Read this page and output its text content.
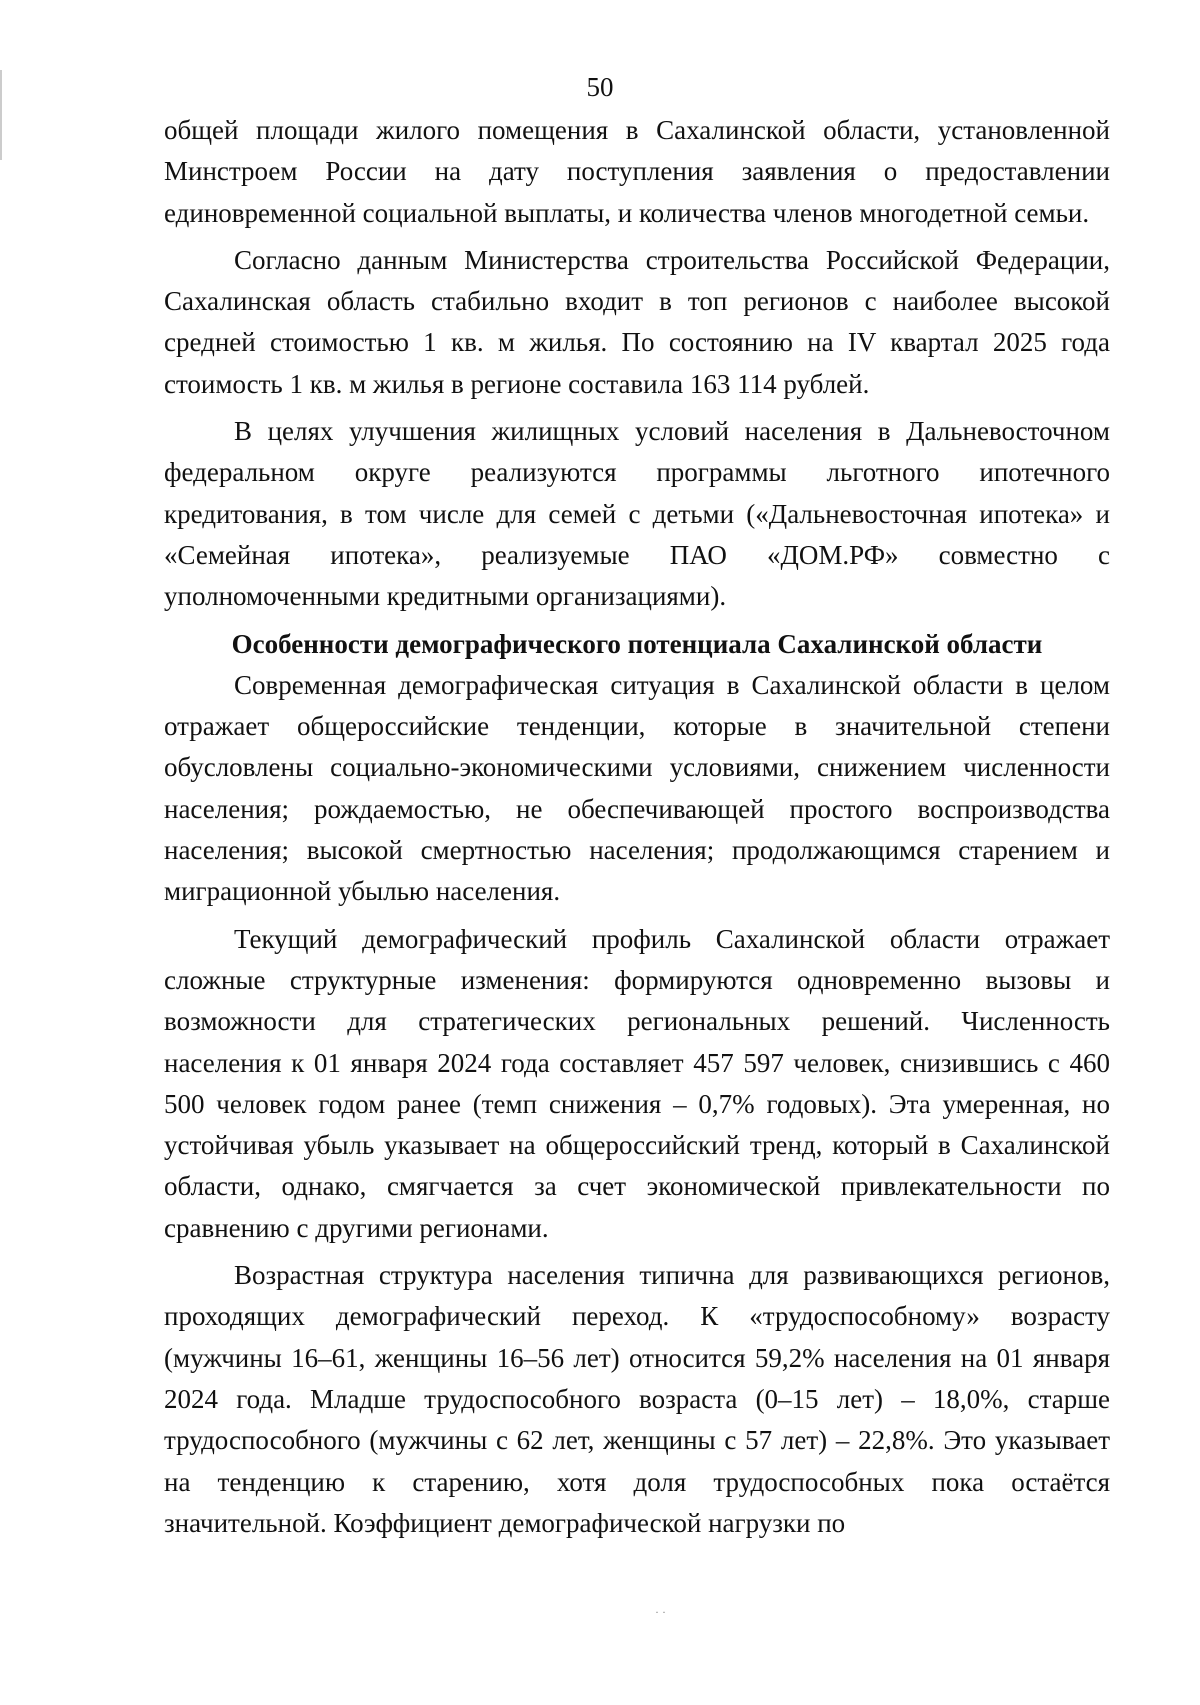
50

общей площади жилого помещения в Сахалинской области, установленной Минстроем России на дату поступления заявления о предоставлении единовременной социальной выплаты, и количества членов многодетной семьи.

Согласно данным Министерства строительства Российской Федерации, Сахалинская область стабильно входит в топ регионов с наиболее высокой средней стоимостью 1 кв. м жилья. По состоянию на IV квартал 2025 года стоимость 1 кв. м жилья в регионе составила 163 114 рублей.

В целях улучшения жилищных условий населения в Дальневосточном федеральном округе реализуются программы льготного ипотечного кредитования, в том числе для семей с детьми («Дальневосточная ипотека» и «Семейная ипотека», реализуемые ПАО «ДОМ.РФ» совместно с уполномоченными кредитными организациями).

Особенности демографического потенциала Сахалинской области

Современная демографическая ситуация в Сахалинской области в целом отражает общероссийские тенденции, которые в значительной степени обусловлены социально-экономическими условиями, снижением численности населения; рождаемостью, не обеспечивающей простого воспроизводства населения; высокой смертностью населения; продолжающимся старением и миграционной убылью населения.

Текущий демографический профиль Сахалинской области отражает сложные структурные изменения: формируются одновременно вызовы и возможности для стратегических региональных решений. Численность населения к 01 января 2024 года составляет 457 597 человек, снизившись с 460 500 человек годом ранее (темп снижения – 0,7% годовых). Эта умеренная, но устойчивая убыль указывает на общероссийский тренд, который в Сахалинской области, однако, смягчается за счет экономической привлекательности по сравнению с другими регионами.

Возрастная структура населения типична для развивающихся регионов, проходящих демографический переход. К «трудоспособному» возрасту (мужчины 16–61, женщины 16–56 лет) относится 59,2% населения на 01 января 2024 года. Младше трудоспособного возраста (0–15 лет) – 18,0%, старше трудоспособного (мужчины с 62 лет, женщины с 57 лет) – 22,8%. Это указывает на тенденцию к старению, хотя доля трудоспособных пока остаётся значительной. Коэффициент демографической нагрузки по

· ·
